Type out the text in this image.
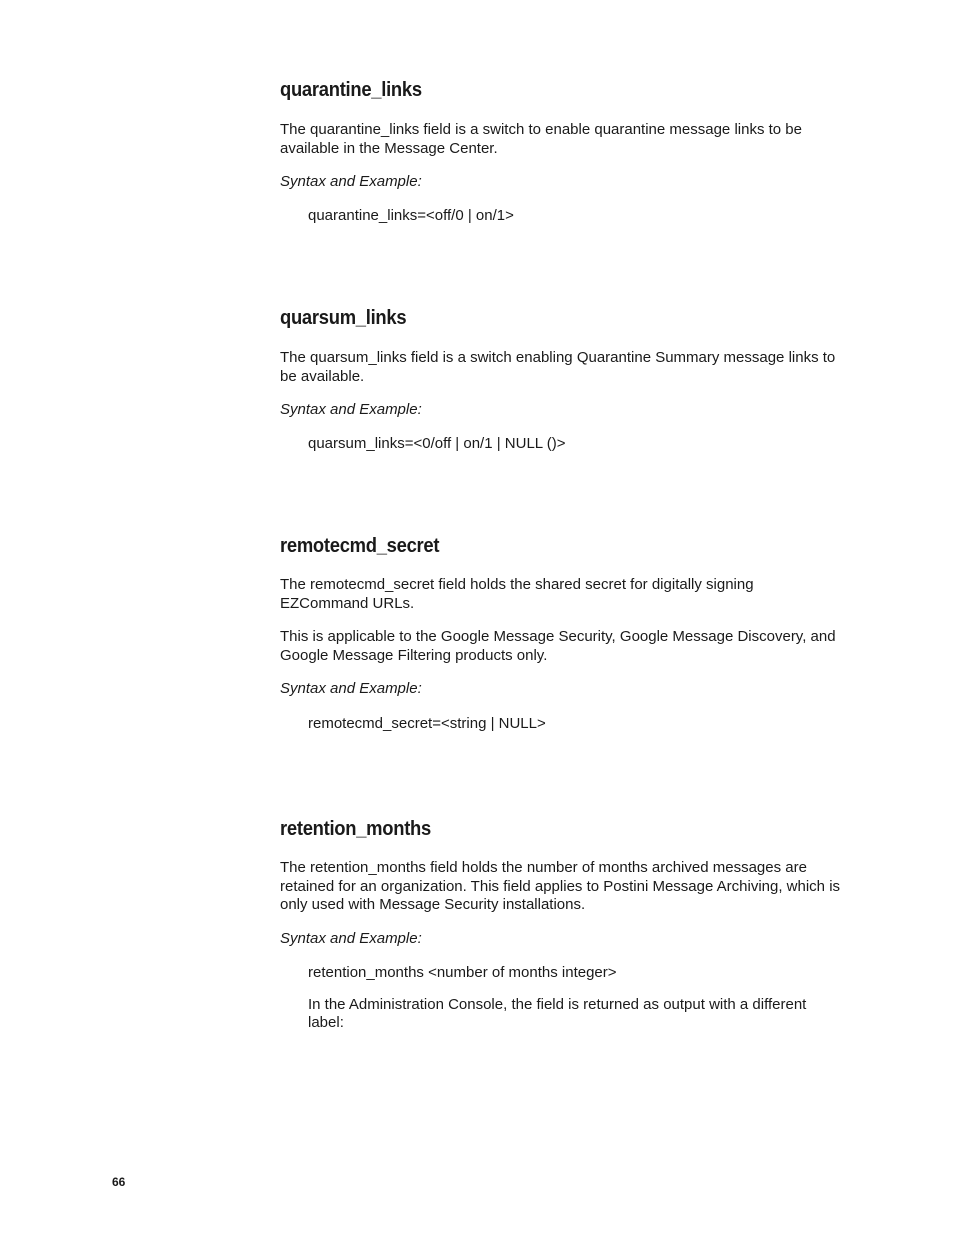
quarantine_links

The quarantine_links field is a switch to enable quarantine message links to be available in the Message Center.

Syntax and Example:

quarantine_links=<off/0 | on/1>

quarsum_links

The quarsum_links field is a switch enabling Quarantine Summary message links to be available.

Syntax and Example:

quarsum_links=<0/off | on/1 | NULL ()>

remotecmd_secret

The remotecmd_secret field holds the shared secret for digitally signing EZCommand URLs.

This is applicable to the Google Message Security, Google Message Discovery, and Google Message Filtering products only.

Syntax and Example:

remotecmd_secret=<string | NULL>

retention_months

The retention_months field holds the number of months archived messages are retained for an organization. This field applies to Postini Message Archiving, which is only used with Message Security installations.

Syntax and Example:

retention_months <number of months integer>

In the Administration Console, the field is returned as output with a different label:

66
